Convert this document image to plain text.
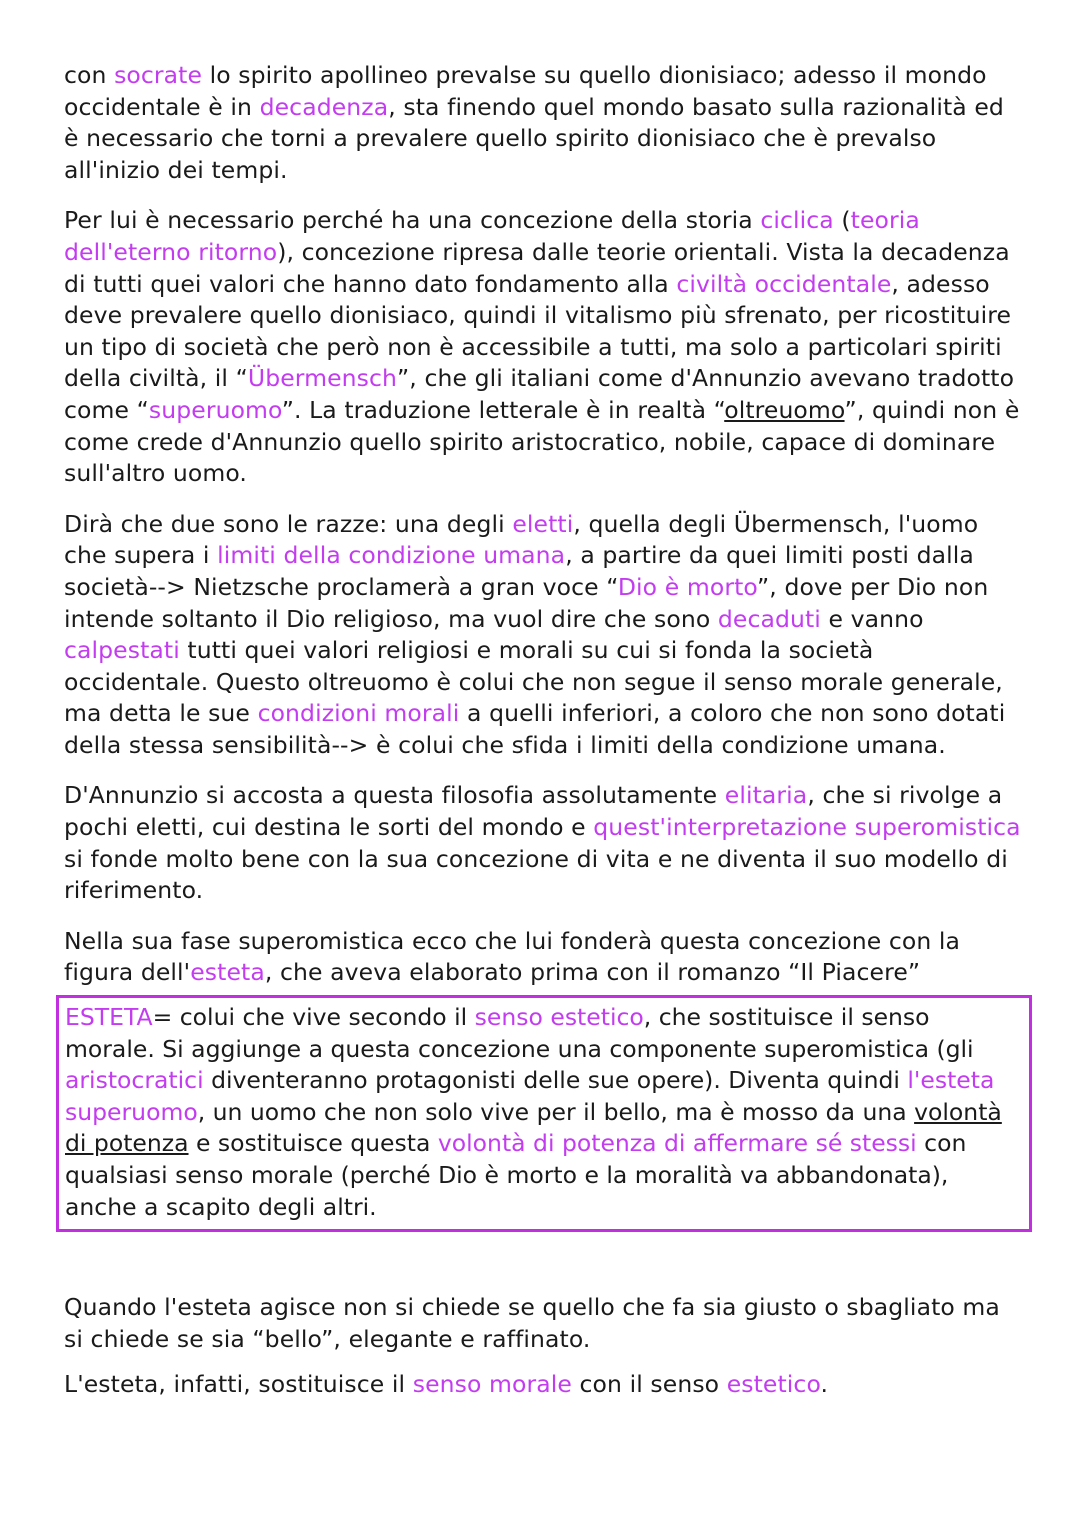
con socrate lo spirito apollineo prevalse su quello dionisiaco; adesso il mondo occidentale è in decadenza, sta finendo quel mondo basato sulla razionalità ed è necessario che torni a prevalere quello spirito dionisiaco che è prevalso all'inizio dei tempi.

Per lui è necessario perché ha una concezione della storia ciclica (teoria dell'eterno ritorno), concezione ripresa dalle teorie orientali. Vista la decadenza di tutti quei valori che hanno dato fondamento alla civiltà occidentale, adesso deve prevalere quello dionisiaco, quindi il vitalismo più sfrenato, per ricostituire un tipo di società che però non è accessibile a tutti, ma solo a particolari spiriti della civiltà, il “Übermensch”, che gli italiani come d'Annunzio avevano tradotto come “superuomo”. La traduzione letterale è in realtà “oltreuomo”, quindi non è come crede d'Annunzio quello spirito aristocratico, nobile, capace di dominare sull'altro uomo.

Dirà che due sono le razze: una degli eletti, quella degli Übermensch, l'uomo che supera i limiti della condizione umana, a partire da quei limiti posti dalla società--> Nietzsche proclamerà a gran voce “Dio è morto”, dove per Dio non intende soltanto il Dio religioso, ma vuol dire che sono decaduti e vanno calpestati tutti quei valori religiosi e morali su cui si fonda la società occidentale. Questo oltreuomo è colui che non segue il senso morale generale, ma detta le sue condizioni morali a quelli inferiori, a coloro che non sono dotati della stessa sensibilità--> è colui che sfida i limiti della condizione umana.

D'Annunzio si accosta a questa filosofia assolutamente elitaria, che si rivolge a pochi eletti, cui destina le sorti del mondo e quest'interpretazione superomistica si fonde molto bene con la sua concezione di vita e ne diventa il suo modello di riferimento.

Nella sua fase superomistica ecco che lui fonderà questa concezione con la figura dell'esteta, che aveva elaborato prima con il romanzo “Il Piacere”

ESTETA= colui che vive secondo il senso estetico, che sostituisce il senso morale. Si aggiunge a questa concezione una componente superomistica (gli aristocratici diventeranno protagonisti delle sue opere). Diventa quindi l'esteta superuomo, un uomo che non solo vive per il bello, ma è mosso da una volontà di potenza e sostituisce questa volontà di potenza di affermare sé stessi con qualsiasi senso morale (perché Dio è morto e la moralità va abbandonata), anche a scapito degli altri.

Quando l'esteta agisce non si chiede se quello che fa sia giusto o sbagliato ma si chiede se sia “bello”, elegante e raffinato.

L'esteta, infatti, sostituisce il senso morale con il senso estetico.
